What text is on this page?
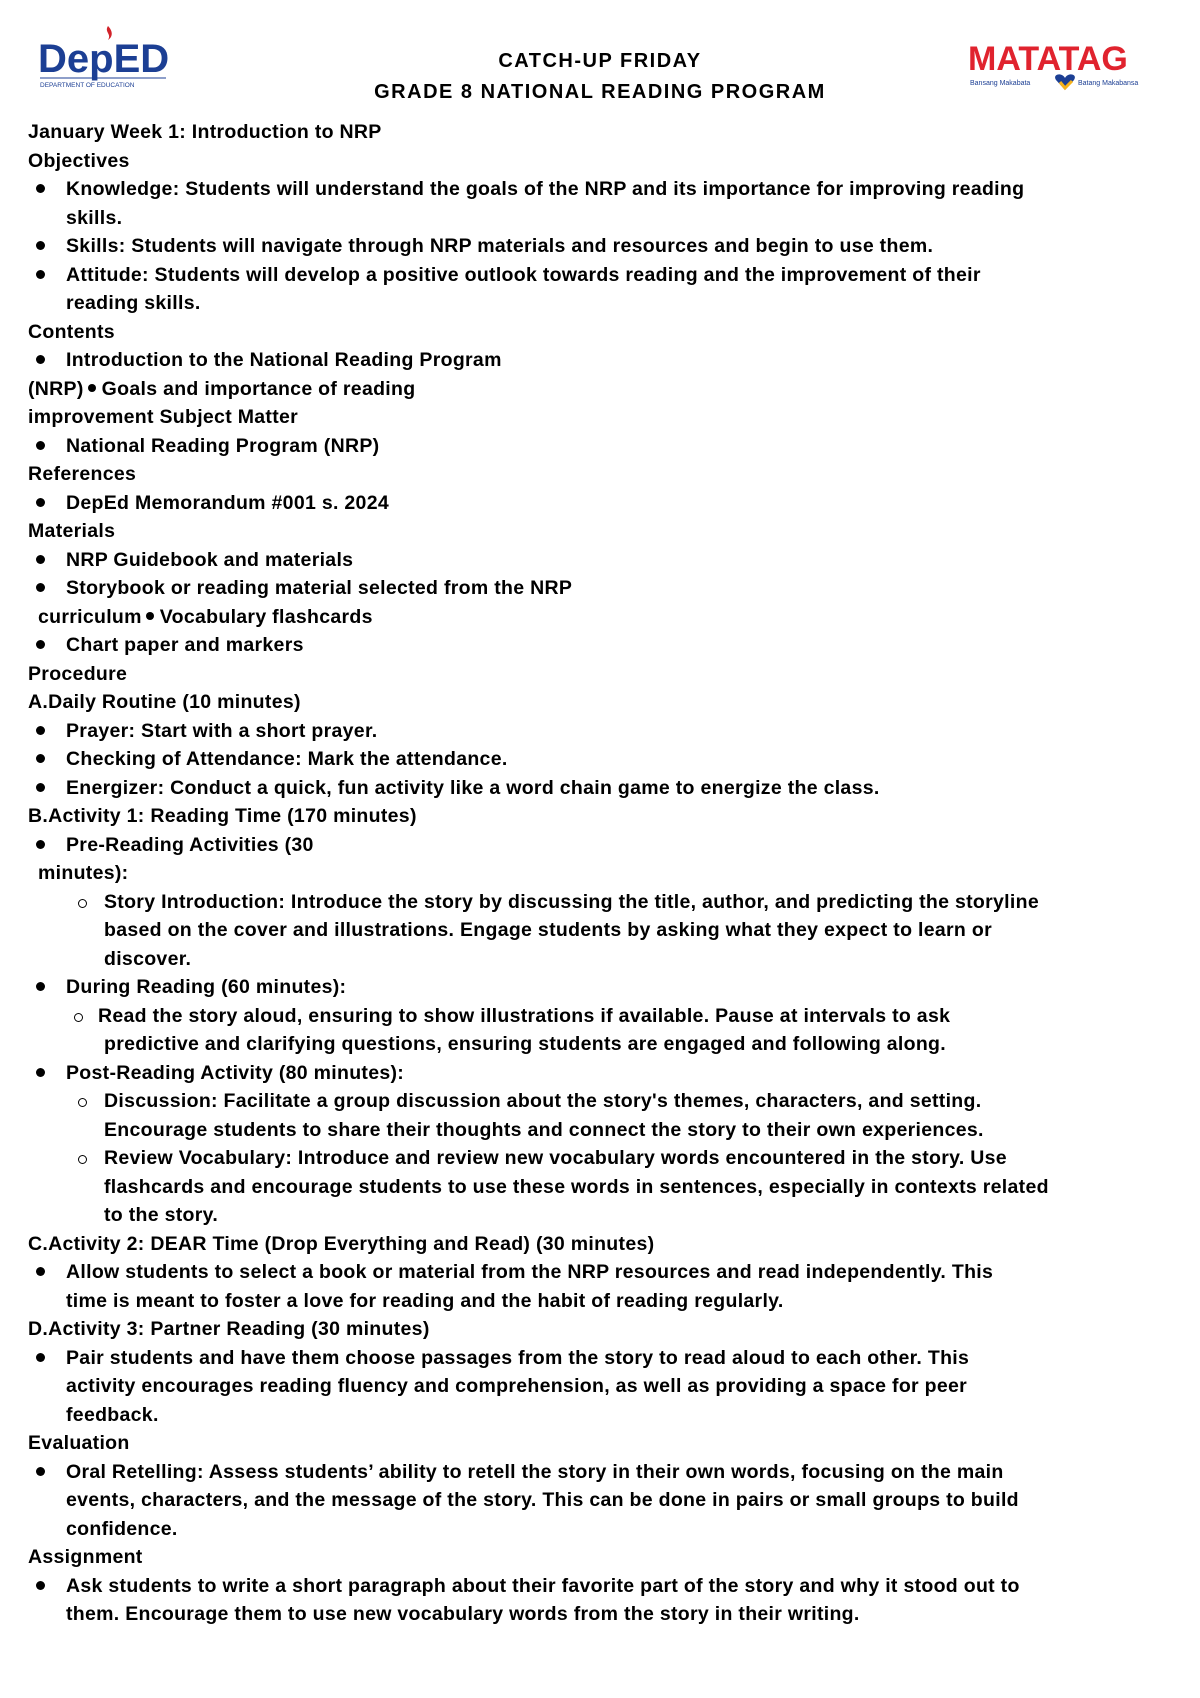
DepED
DEPARTMENT OF EDUCATION
CATCH-UP FRIDAY
GRADE 8 NATIONAL READING PROGRAM
MATATAG
Bansang Makabata	Batang Makabansa
January Week 1: Introduction to NRP
Objectives
Knowledge: Students will understand the goals of the NRP and its importance for improving reading
skills.
Skills: Students will navigate through NRP materials and resources and begin to use them.
Attitude: Students will develop a positive outlook towards reading and the improvement of their
reading skills.
Contents
Introduction to the National Reading Program
(NRP) Goals and importance of reading
improvement Subject Matter
National Reading Program (NRP)
References
DepEd Memorandum #001 s. 2024
Materials
NRP Guidebook and materials
Storybook or reading material selected from the NRP
curriculum Vocabulary flashcards
Chart paper and markers
Procedure
A.Daily Routine (10 minutes)
Prayer: Start with a short prayer.
Checking of Attendance: Mark the attendance.
Energizer: Conduct a quick, fun activity like a word chain game to energize the class.
B.Activity 1: Reading Time (170 minutes)
Pre-Reading Activities (30
minutes):
Story Introduction: Introduce the story by discussing the title, author, and predicting the storyline
based on the cover and illustrations. Engage students by asking what they expect to learn or
discover.
During Reading (60 minutes):
Read the story aloud, ensuring to show illustrations if available. Pause at intervals to ask
predictive and clarifying questions, ensuring students are engaged and following along.
Post-Reading Activity (80 minutes):
Discussion: Facilitate a group discussion about the story's themes, characters, and setting.
Encourage students to share their thoughts and connect the story to their own experiences.
Review Vocabulary: Introduce and review new vocabulary words encountered in the story. Use
flashcards and encourage students to use these words in sentences, especially in contexts related
to the story.
C.Activity 2: DEAR Time (Drop Everything and Read) (30 minutes)
Allow students to select a book or material from the NRP resources and read independently. This
time is meant to foster a love for reading and the habit of reading regularly.
D.Activity 3: Partner Reading (30 minutes)
Pair students and have them choose passages from the story to read aloud to each other. This
activity encourages reading fluency and comprehension, as well as providing a space for peer
feedback.
Evaluation
Oral Retelling: Assess students’ ability to retell the story in their own words, focusing on the main
events, characters, and the message of the story. This can be done in pairs or small groups to build
confidence.
Assignment
Ask students to write a short paragraph about their favorite part of the story and why it stood out to
them. Encourage them to use new vocabulary words from the story in their writing.
